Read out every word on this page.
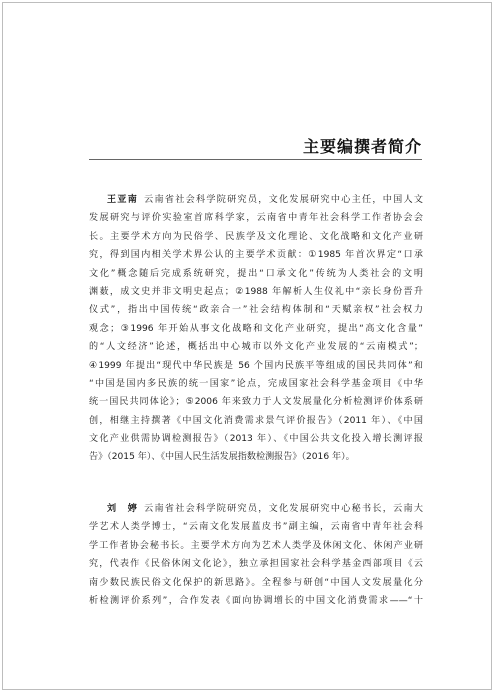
主要编撰者简介
王亚南 云南省社会科学院研究员，文化发展研究中心主任，中国人文
发展研究与评价实验室首席科学家，云南省中青年社会科学工作者协会会
长。主要学术方向为民俗学、民族学及文化理论、文化战略和文化产业研
究，得到国内相关学术界公认的主要学术贡献：①1985 年首次界定“口承
文化”概念随后完成系统研究，提出“口承文化”传统为人类社会的文明
渊薮，成文史并非文明史起点；②1988 年解析人生仪礼中“亲长身份晋升
仪式”，指出中国传统“政亲合一”社会结构体制和“天赋亲权”社会权力
观念；③1996 年开始从事文化战略和文化产业研究，提出“高文化含量”
的“人文经济”论述，概括出中心城市以外文化产业发展的“云南模式”；
④1999 年提出“现代中华民族是 56 个国内民族平等组成的国民共同体”和
“中国是国内多民族的统一国家”论点，完成国家社会科学基金项目《中华
统一国民共同体论》；⑤2006 年来致力于人文发展量化分析检测评价体系研
创，相继主持撰著《中国文化消费需求景气评价报告》（2011 年）、《中国
文化产业供需协调检测报告》（2013 年）、《中国公共文化投入增长测评报
告》（2015 年）、《中国人民生活发展指数检测报告》（2016 年）。
刘　婷 云南省社会科学院研究员，文化发展研究中心秘书长，云南大
学艺术人类学博士，“云南文化发展蓝皮书”副主编，云南省中青年社会科
学工作者协会秘书长。主要学术方向为艺术人类学及休闲文化、休闲产业研
究，代表作《民俗休闲文化论》，独立承担国家社会科学基金西部项目《云
南少数民族民俗文化保护的新思路》。全程参与研创“中国人文发展量化分
析检测评价系列”，合作发表《面向协调增长的中国文化消费需求——“十
